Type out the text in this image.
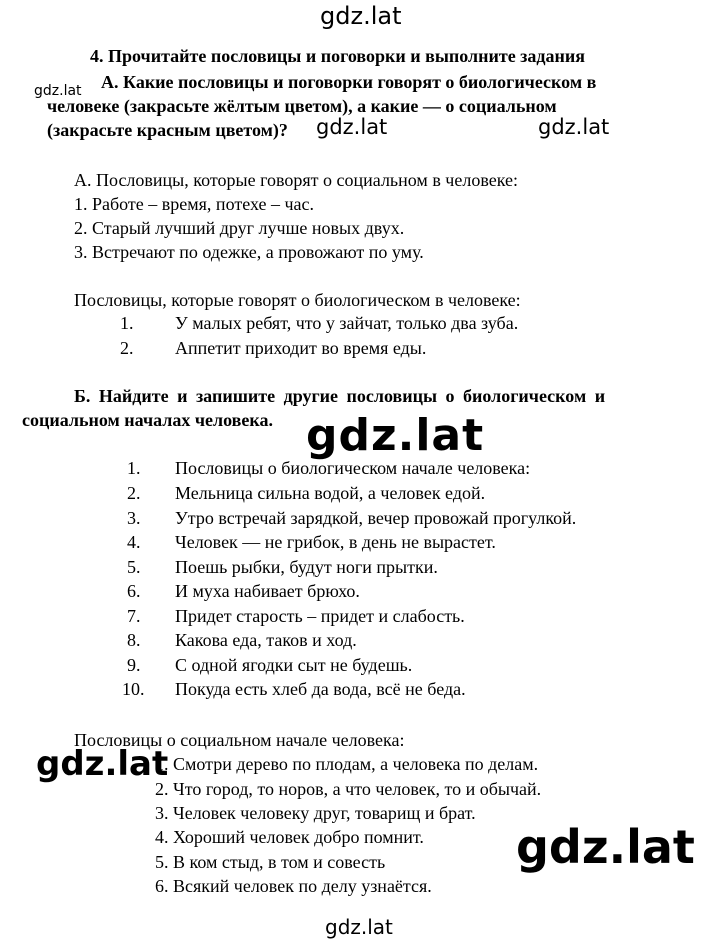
gdz.lat
gdz.lat
gdz.lat	gdz.lat
gdz.lat
gdz.lat
gdz.lat
gdz.lat
4. Прочитайте пословицы и поговорки и выполните задания
А. Какие пословицы и поговорки говорят о биологическом в
человеке (закрасьте жёлтым цветом), а какие — о социальном
(закрасьте красным цветом)?
А. Пословицы, которые говорят о социальном в человеке:
1. Работе – время, потехе – час.
2. Старый лучший друг лучше новых двух.
3. Встречают по одежке, а провожают по уму.
Пословицы, которые говорят о биологическом в человеке:
1. У малых ребят, что у зайчат, только два зуба.
2. Аппетит приходит во время еды.
Б. Найдите и запишите другие пословицы о биологическом и
социальном началах человека.
1. Пословицы о биологическом начале человека:
2. Мельница сильна водой, а человек едой.
3. Утро встречай зарядкой, вечер провожай прогулкой.
4. Человек — не грибок, в день не вырастет.
5. Поешь рыбки, будут ноги прытки.
6. И муха набивает брюхо.
7. Придет старость – придет и слабость.
8. Какова еда, таков и ход.
9. С одной ягодки сыт не будешь.
10. Покуда есть хлеб да вода, всё не беда.
Пословицы о социальном начале человека:
1. Смотри дерево по плодам, а человека по делам.
2. Что город, то норов, а что человек, то и обычай.
3. Человек человеку друг, товарищ и брат.
4. Хороший человек добро помнит.
5. В ком стыд, в том и совесть
6. Всякий человек по делу узнаётся.
